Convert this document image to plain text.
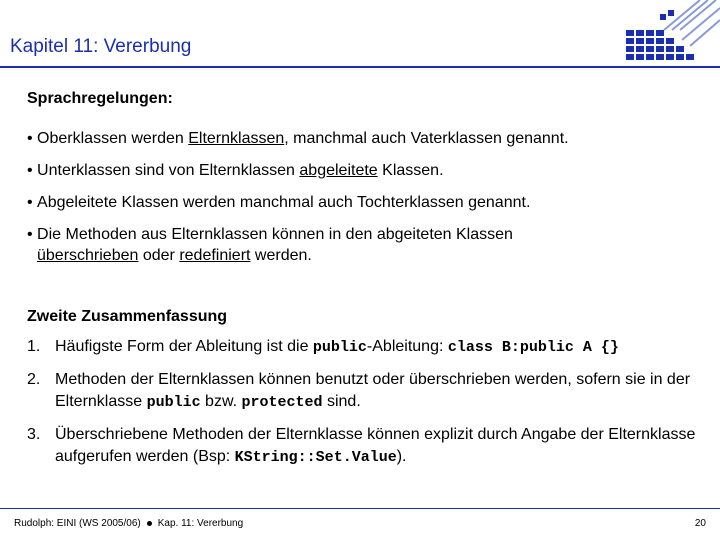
Kapitel 11: Vererbung
Sprachregelungen:
• Oberklassen werden Elternklassen, manchmal auch Vaterklassen genannt.
• Unterklassen sind von Elternklassen abgeleitete Klassen.
• Abgeleitete Klassen werden manchmal auch Tochterklassen genannt.
• Die Methoden aus Elternklassen können in den abgeiteten Klassen
überschrieben oder redefiniert werden.
Zweite Zusammenfassung
1. Häufigste Form der Ableitung ist die public-Ableitung: class B:public A {}
2. Methoden der Elternklassen können benutzt oder überschrieben werden, sofern sie in der Elternklasse public bzw. protected sind.
3. Überschriebene Methoden der Elternklasse können explizit durch Angabe der Elternklasse aufgerufen werden (Bsp: KString::Set.Value).
Rudolph: EINI (WS 2005/06) Kap. 11: Vererbung	20
